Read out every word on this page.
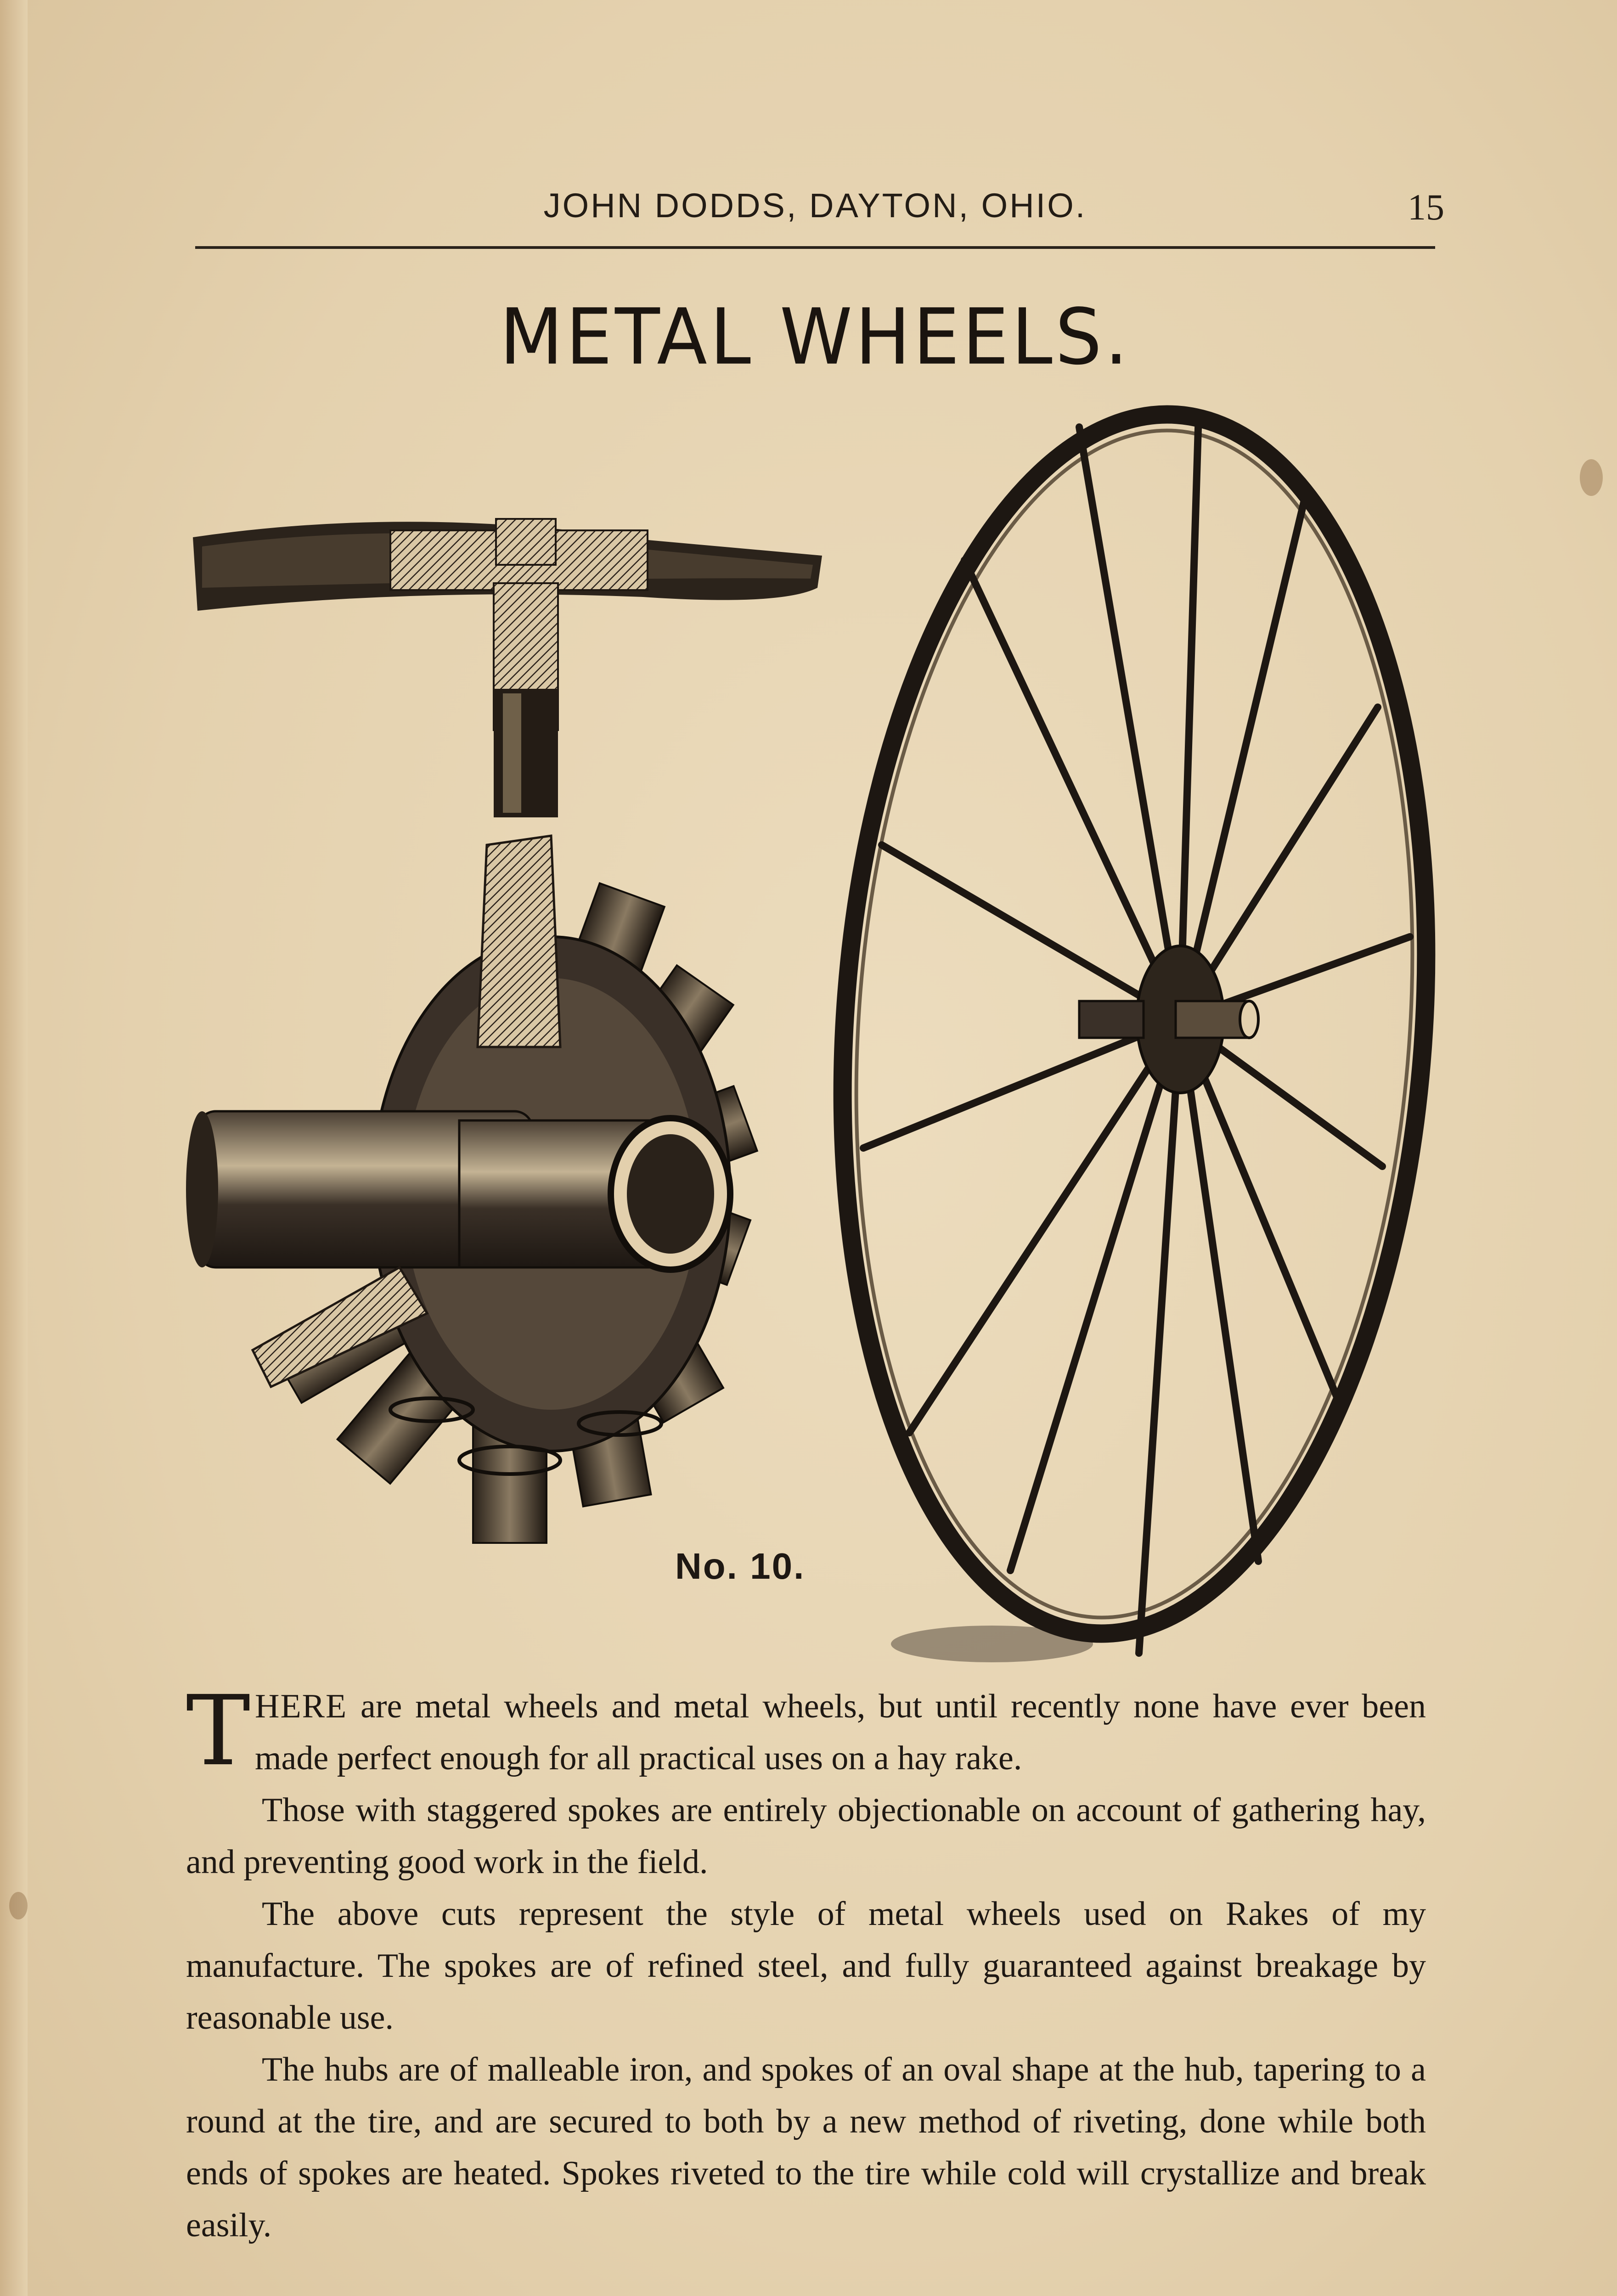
JOHN DODDS, DAYTON, OHIO.	15
METAL WHEELS.
No. 10.
T HERE are metal wheels and metal wheels, but until recently none have ever been made perfect enough for all practical uses on a hay rake.

Those with staggered spokes are entirely objectionable on account of gathering hay, and preventing good work in the field.

The above cuts represent the style of metal wheels used on Rakes of my manufacture. The spokes are of refined steel, and fully guaranteed against breakage by reasonable use.

The hubs are of malleable iron, and spokes of an oval shape at the hub, tapering to a round at the tire, and are secured to both by a new method of riveting, done while both ends of spokes are heated. Spokes riveted to the tire while cold will crystallize and break easily.
